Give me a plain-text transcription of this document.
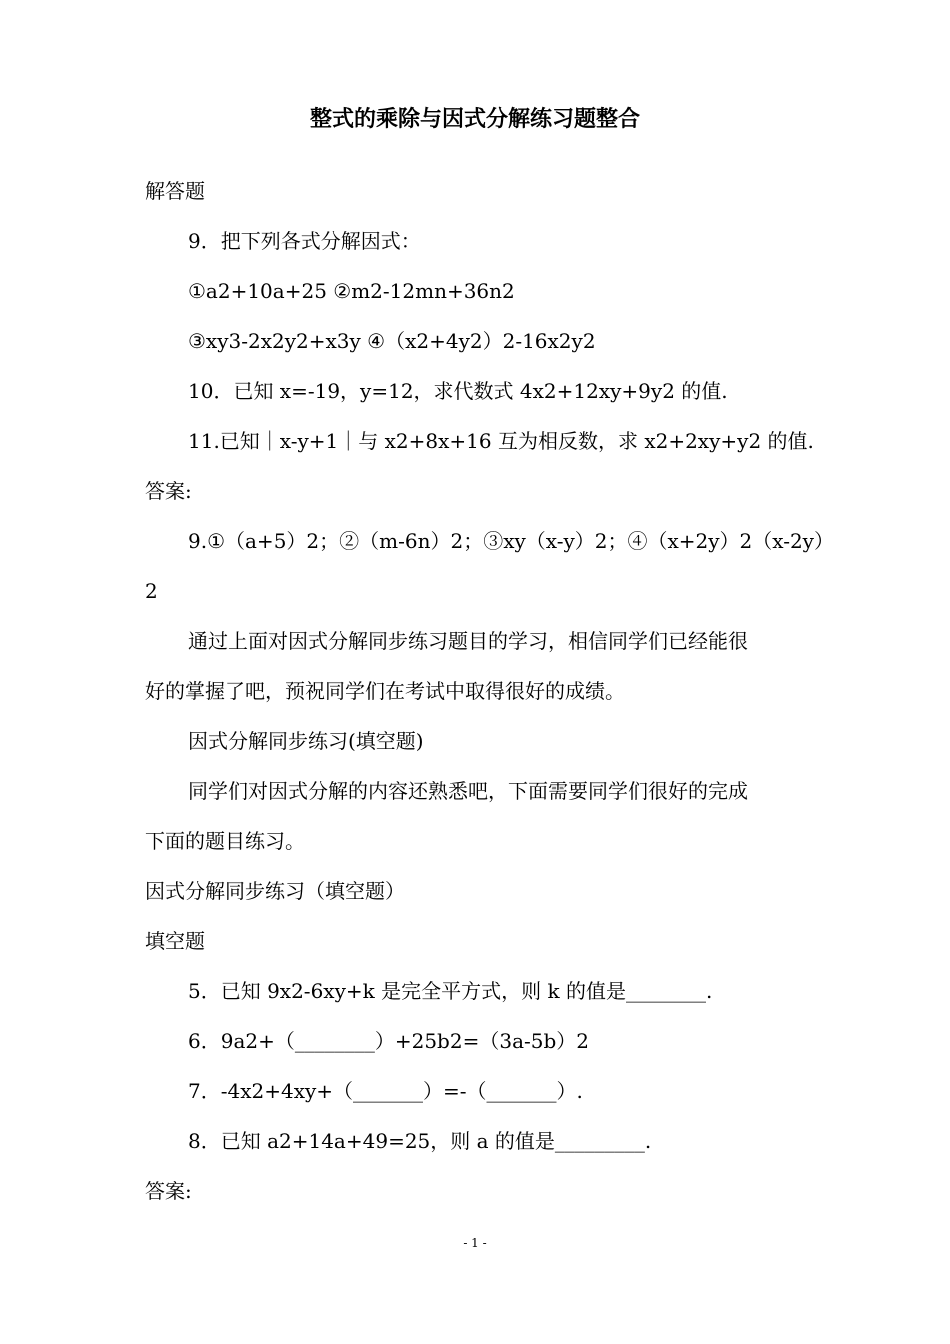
整式的乘除与因式分解练习题整合
解答题
9．把下列各式分解因式：
①a2+10a+25 ②m2-12mn+36n2
③xy3-2x2y2+x3y ④（x2+4y2）2-16x2y2
10．已知 x=-19，y=12，求代数式 4x2+12xy+9y2 的值.
11.已知｜x-y+1｜与 x2+8x+16 互为相反数，求 x2+2xy+y2 的值.
答案:
9.①（a+5）2；②（m-6n）2；③xy（x-y）2；④（x+2y）2（x-2y）
2
通过上面对因式分解同步练习题目的学习，相信同学们已经能很
好的掌握了吧，预祝同学们在考试中取得很好的成绩。
因式分解同步练习(填空题)
同学们对因式分解的内容还熟悉吧，下面需要同学们很好的完成
下面的题目练习。
因式分解同步练习（填空题）
填空题
5．已知 9x2-6xy+k 是完全平方式，则 k 的值是________.
6．9a2+（________）+25b2=（3a-5b）2
7．-4x2+4xy+（_______）=-（_______）.
8．已知 a2+14a+49=25，则 a 的值是_________.
答案:
- 1 -
